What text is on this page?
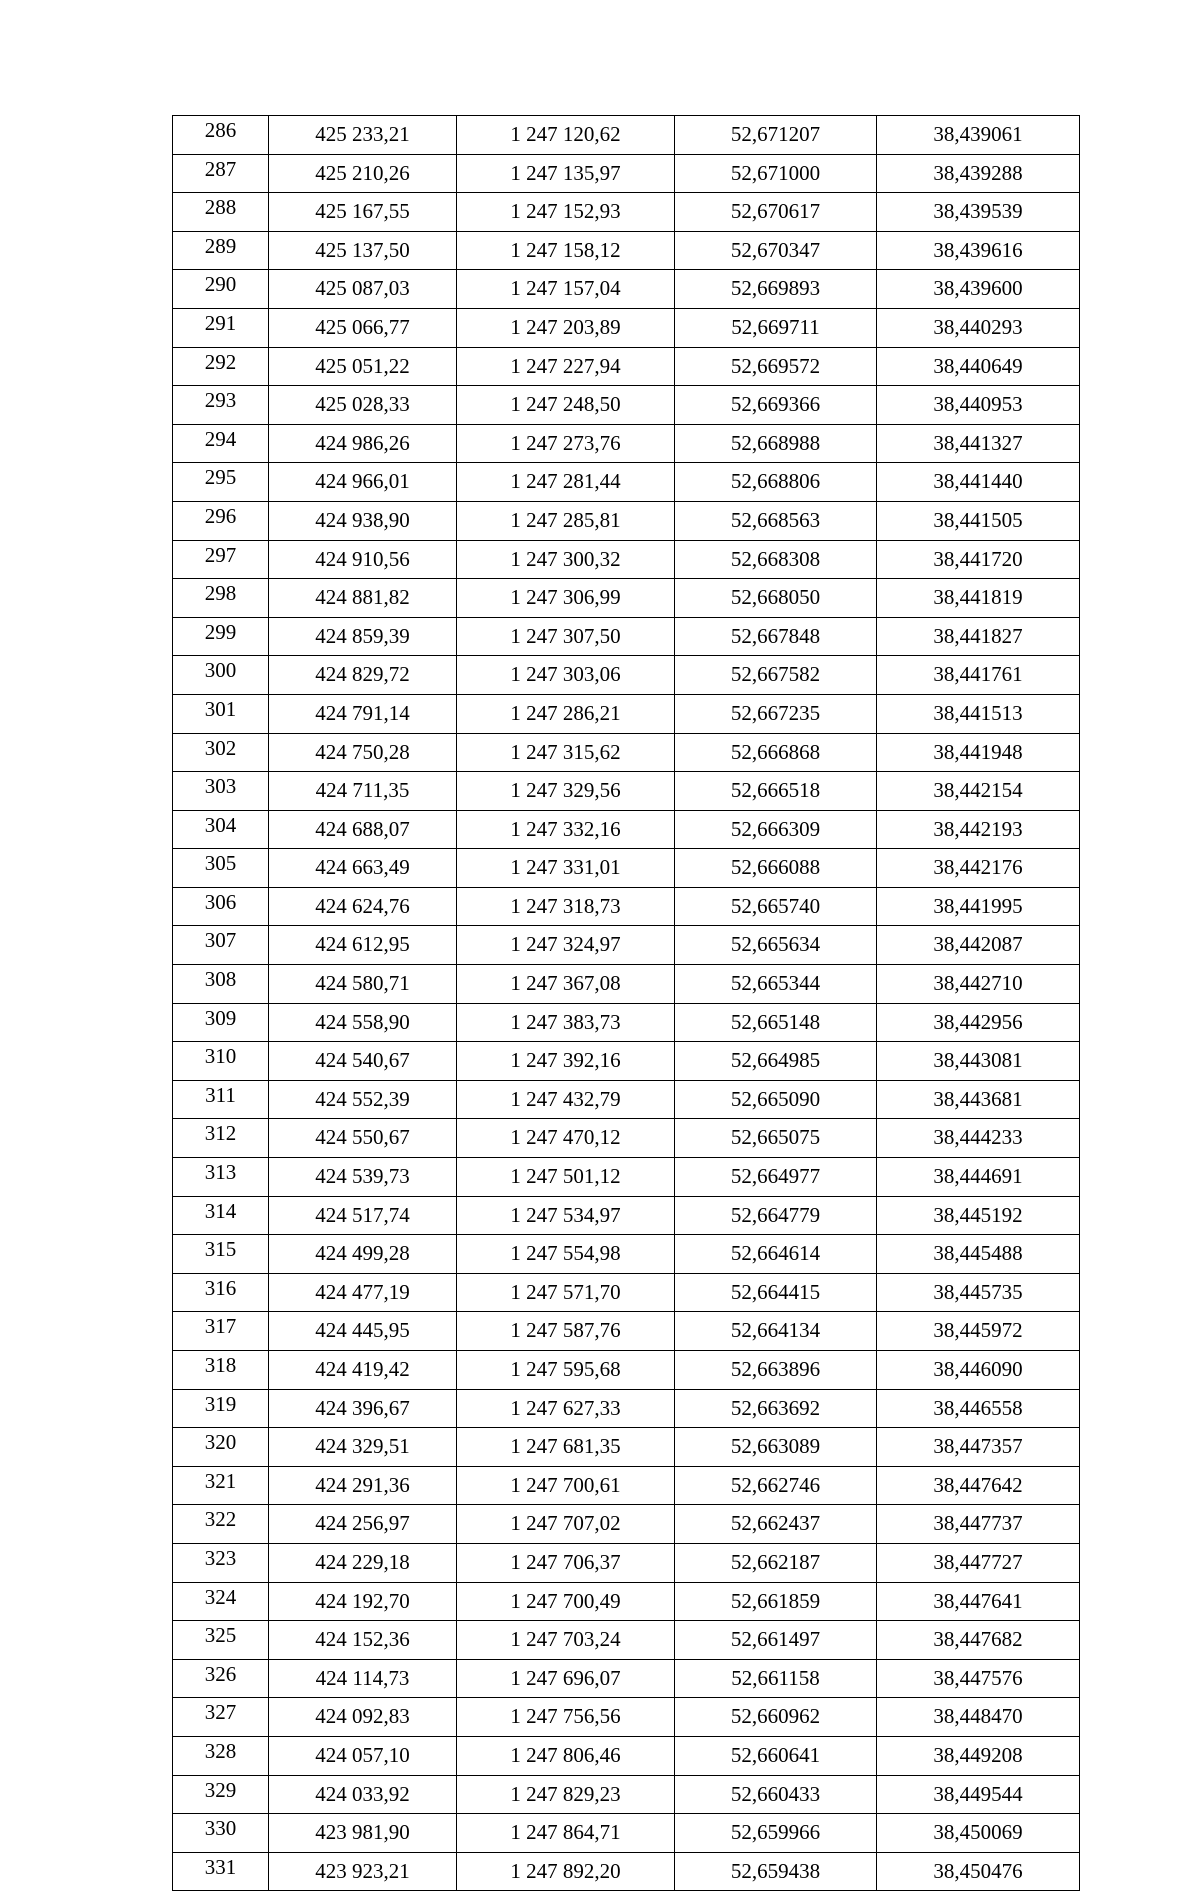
286	425 233,21	1 247 120,62	52,671207	38,439061
287	425 210,26	1 247 135,97	52,671000	38,439288
288	425 167,55	1 247 152,93	52,670617	38,439539
289	425 137,50	1 247 158,12	52,670347	38,439616
290	425 087,03	1 247 157,04	52,669893	38,439600
291	425 066,77	1 247 203,89	52,669711	38,440293
292	425 051,22	1 247 227,94	52,669572	38,440649
293	425 028,33	1 247 248,50	52,669366	38,440953
294	424 986,26	1 247 273,76	52,668988	38,441327
295	424 966,01	1 247 281,44	52,668806	38,441440
296	424 938,90	1 247 285,81	52,668563	38,441505
297	424 910,56	1 247 300,32	52,668308	38,441720
298	424 881,82	1 247 306,99	52,668050	38,441819
299	424 859,39	1 247 307,50	52,667848	38,441827
300	424 829,72	1 247 303,06	52,667582	38,441761
301	424 791,14	1 247 286,21	52,667235	38,441513
302	424 750,28	1 247 315,62	52,666868	38,441948
303	424 711,35	1 247 329,56	52,666518	38,442154
304	424 688,07	1 247 332,16	52,666309	38,442193
305	424 663,49	1 247 331,01	52,666088	38,442176
306	424 624,76	1 247 318,73	52,665740	38,441995
307	424 612,95	1 247 324,97	52,665634	38,442087
308	424 580,71	1 247 367,08	52,665344	38,442710
309	424 558,90	1 247 383,73	52,665148	38,442956
310	424 540,67	1 247 392,16	52,664985	38,443081
311	424 552,39	1 247 432,79	52,665090	38,443681
312	424 550,67	1 247 470,12	52,665075	38,444233
313	424 539,73	1 247 501,12	52,664977	38,444691
314	424 517,74	1 247 534,97	52,664779	38,445192
315	424 499,28	1 247 554,98	52,664614	38,445488
316	424 477,19	1 247 571,70	52,664415	38,445735
317	424 445,95	1 247 587,76	52,664134	38,445972
318	424 419,42	1 247 595,68	52,663896	38,446090
319	424 396,67	1 247 627,33	52,663692	38,446558
320	424 329,51	1 247 681,35	52,663089	38,447357
321	424 291,36	1 247 700,61	52,662746	38,447642
322	424 256,97	1 247 707,02	52,662437	38,447737
323	424 229,18	1 247 706,37	52,662187	38,447727
324	424 192,70	1 247 700,49	52,661859	38,447641
325	424 152,36	1 247 703,24	52,661497	38,447682
326	424 114,73	1 247 696,07	52,661158	38,447576
327	424 092,83	1 247 756,56	52,660962	38,448470
328	424 057,10	1 247 806,46	52,660641	38,449208
329	424 033,92	1 247 829,23	52,660433	38,449544
330	423 981,90	1 247 864,71	52,659966	38,450069
331	423 923,21	1 247 892,20	52,659438	38,450476
